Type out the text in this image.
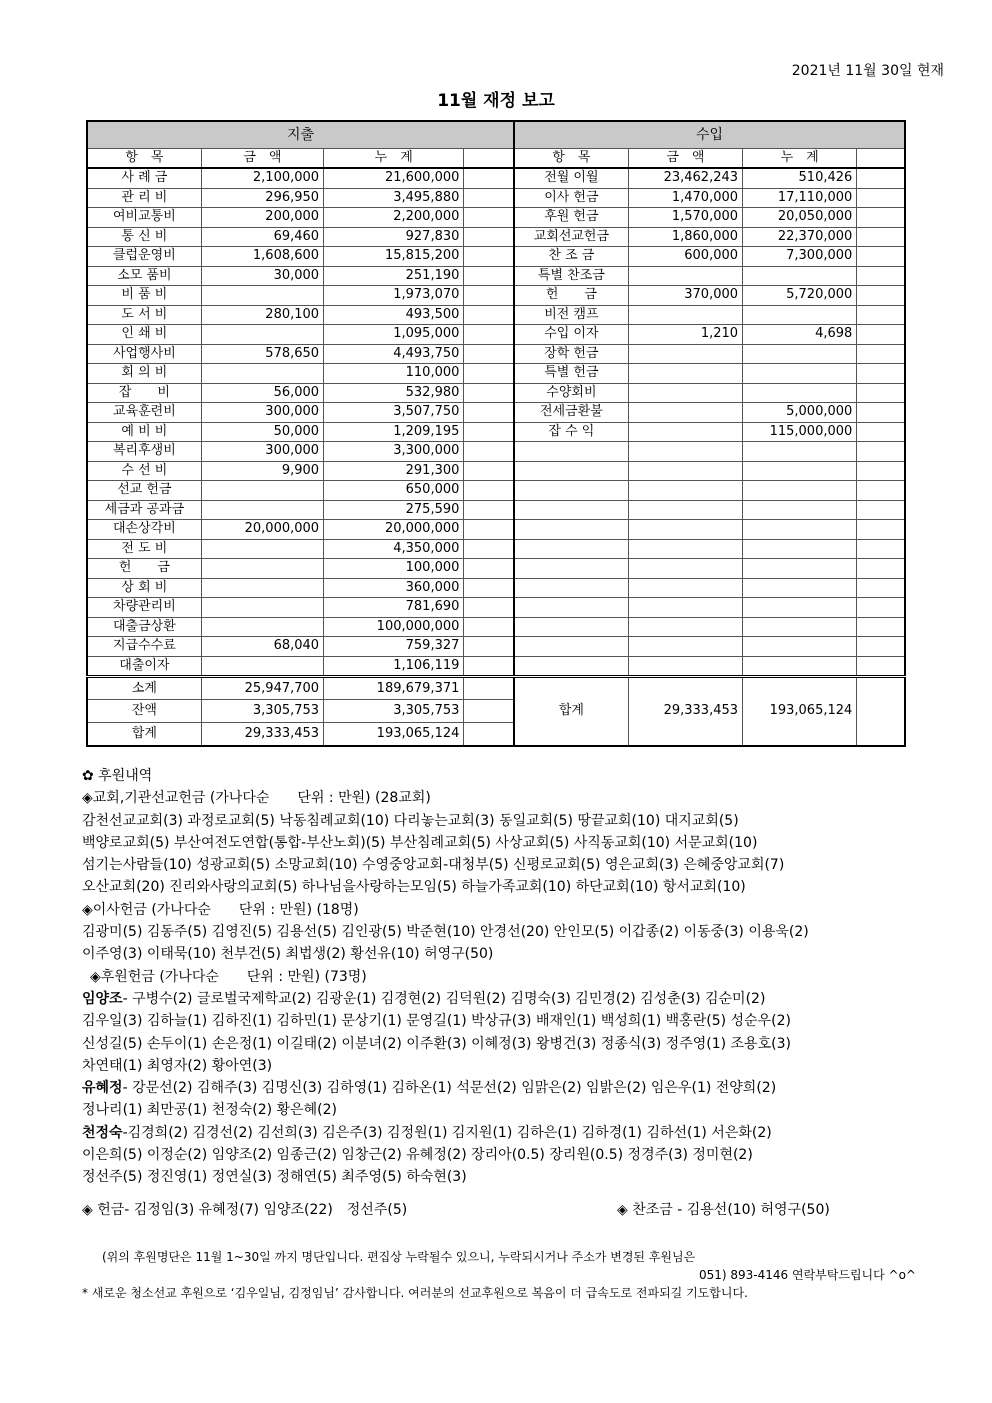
2021년 11월 30일 현재
11월 재정 보고
지출				수입			
항　목	금　액	누　계		항　목	금　액	누　계	
사 례 금	2,100,000	21,600,000		전월 이월	23,462,243	510,426	
관 리 비	296,950	3,495,880		이사 헌금	1,470,000	17,110,000	
여비교통비	200,000	2,200,000		후원 헌금	1,570,000	20,050,000	
통 신 비	69,460	927,830		교회선교헌금	1,860,000	22,370,000	
클럽운영비	1,608,600	15,815,200		찬 조 금	600,000	7,300,000	
소모 품비	30,000	251,190		특별 찬조금			
비 품 비		1,973,070		헌　　금	370,000	5,720,000	
도 서 비	280,100	493,500		비전 캠프			
인 쇄 비		1,095,000		수입 이자	1,210	4,698	
사업행사비	578,650	4,493,750		장학 헌금			
회 의 비		110,000		특별 헌금			
잡　　비	56,000	532,980		수양회비			
교육훈련비	300,000	3,507,750		전세금환불		5,000,000	
예 비 비	50,000	1,209,195		잡 수 익		115,000,000	
복리후생비	300,000	3,300,000					
수 선 비	9,900	291,300					
선교 헌금		650,000					
세금과 공과금		275,590					
대손상각비	20,000,000	20,000,000					
전 도 비		4,350,000					
헌　　금		100,000					
상 회 비		360,000					
차량관리비		781,690					
대출금상환		100,000,000					
지급수수료	68,040	759,327					
대출이자		1,106,119					
소계	25,947,700	189,679,371		합계	29,333,453	193,065,124	
잔액	3,305,753	3,305,753					
합계	29,333,453	193,065,124					

✿ 후원내역

◈교회,기관선교헌금 (가나다순　　단위 : 만원) (28교회)

감천선교교회(3) 과정로교회(5) 낙동침례교회(10) 다리놓는교회(3) 동일교회(5) 땅끝교회(10) 대지교회(5)

백양로교회(5) 부산여전도연합(통합-부산노회)(5) 부산침례교회(5) 사상교회(5) 사직동교회(10) 서문교회(10)

섬기는사람들(10) 성광교회(5) 소망교회(10) 수영중앙교회-대청부(5) 신평로교회(5) 영은교회(3) 은혜중앙교회(7)

오산교회(20) 진리와사랑의교회(5) 하나님을사랑하는모임(5) 하늘가족교회(10) 하단교회(10) 항서교회(10)

◈이사헌금 (가나다순　　단위 : 만원) (18명)

김광미(5) 김동주(5) 김영진(5) 김용선(5) 김인광(5) 박준현(10) 안경선(20) 안인모(5) 이갑종(2) 이동중(3) 이용욱(2)

이주영(3) 이태묵(10) 천부건(5) 최법생(2) 황선유(10) 허영구(50)

◈후원헌금 (가나다순　　단위 : 만원) (73명)

임양조- 구병수(2) 글로벌국제학교(2) 김광운(1) 김경현(2) 김덕원(2) 김명숙(3) 김민경(2) 김성춘(3) 김순미(2)

김우일(3) 김하늘(1) 김하진(1) 김하민(1) 문상기(1) 문영길(1) 박상규(3) 배재인(1) 백성희(1) 백홍란(5) 성순우(2)

신성길(5) 손두이(1) 손은정(1) 이길태(2) 이분녀(2) 이주환(3) 이혜정(3) 왕병건(3) 정종식(3) 정주영(1) 조용호(3)

차연태(1) 최영자(2) 황아연(3)

유혜정- 강문선(2) 김해주(3) 김명신(3) 김하영(1) 김하온(1) 석문선(2) 임맑은(2) 임밝은(2) 임은우(1) 전양희(2)

정나리(1) 최만공(1) 천정숙(2) 황은혜(2)

천정숙-김경희(2) 김경선(2) 김선희(3) 김은주(3) 김정원(1) 김지원(1) 김하은(1) 김하경(1) 김하선(1) 서은화(2)

이은희(5) 이정순(2) 임양조(2) 임종근(2) 임창근(2) 유혜정(2) 장리아(0.5) 장리원(0.5) 정경주(3) 정미현(2)

정선주(5) 정진영(1) 정연실(3) 정해연(5) 최주영(5) 하숙현(3)

◈ 헌금- 김정임(3) 유혜정(7) 임양조(22)　정선주(5)	◈ 찬조금 - 김용선(10) 허영구(50)

(위의 후원명단은 11월 1~30일 까지 명단입니다. 편집상 누락될수 있으니, 누락되시거나 주소가 변경된 후원님은

051) 893-4146 연락부탁드립니다 ^o^

* 새로운 청소선교 후원으로 ‘김우일님, 김정임님’ 감사합니다. 여러분의 선교후원으로 복음이 더 급속도로 전파되길 기도합니다.
